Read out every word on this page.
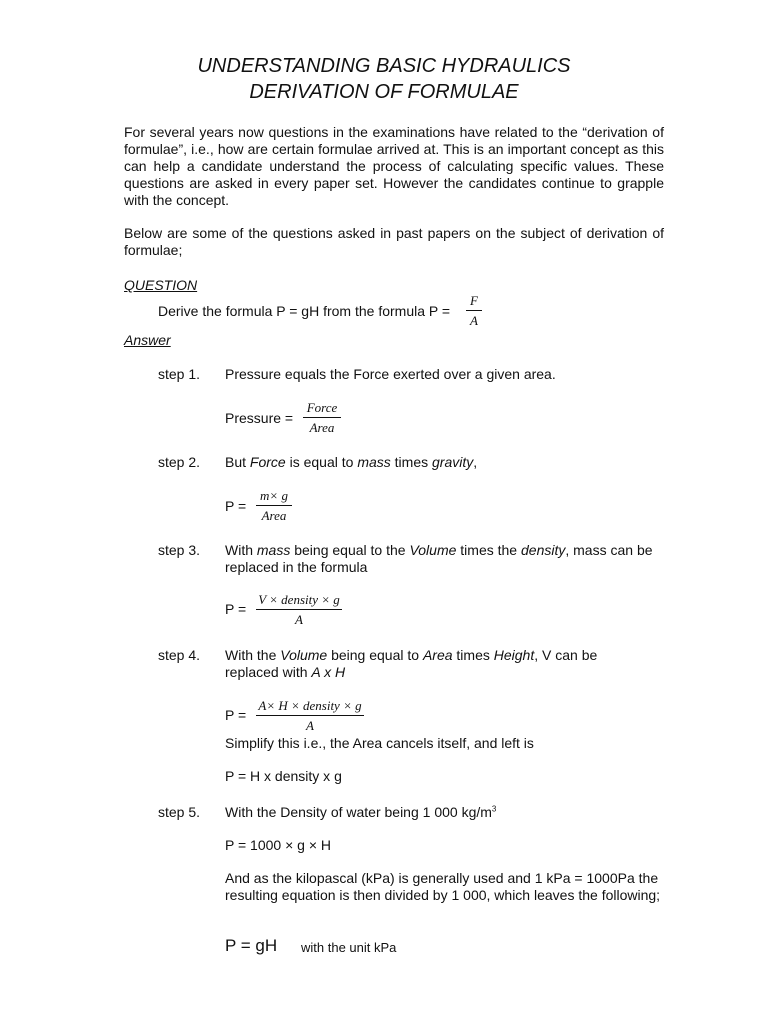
UNDERSTANDING BASIC HYDRAULICS
DERIVATION OF FORMULAE
For several years now questions in the examinations have related to the “derivation of formulae”, i.e., how are certain formulae arrived at. This is an important concept as this can help a candidate understand the process of calculating specific values. These questions are asked in every paper set. However the candidates continue to grapple with the concept.
Below are some of the questions asked in past papers on the subject of derivation of formulae;
QUESTION
Derive the formula P = gH from the formula P =
F
A
Answer
step 1. Pressure equals the Force exerted over a given area.
Pressure =
Force
Area
step 2. But Force is equal to mass times gravity,
P =
m× g
Area
step 3. With mass being equal to the Volume times the density, mass can be
replaced in the formula
P =
V × density × g
A
step 4. With the Volume being equal to Area times Height, V can be
replaced with A x H
P =
A× H × density × g
A
Simplify this i.e., the Area cancels itself, and left is
P = H x density x g
step 5. With the Density of water being 1 000 $kg/m^3$
P = 1000 × g × H
And as the kilopascal (kPa) is generally used and 1 kPa = 1000Pa the resulting equation is then divided by 1 000, which leaves the following;
P = gH with the unit kPa
